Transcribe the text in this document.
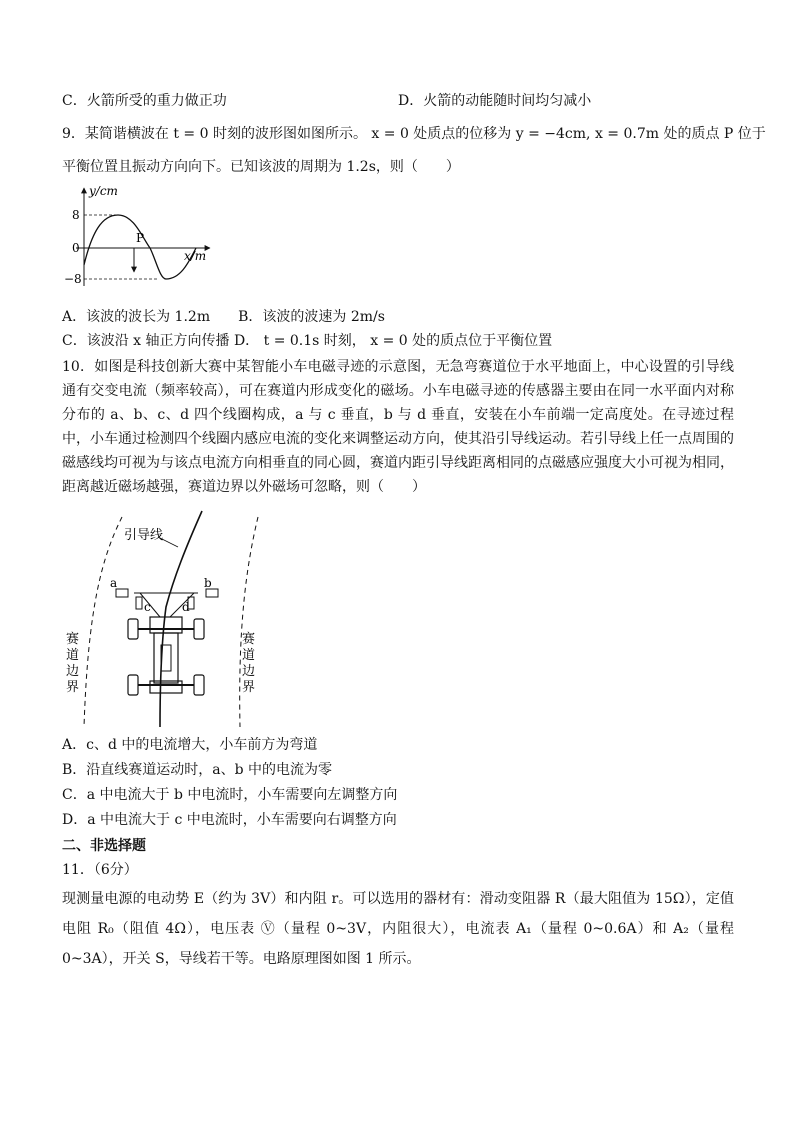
C．火箭所受的重力做正功	D．火箭的动能随时间均匀减小
9．某简谐横波在 t = 0 时刻的波形图如图所示。 x = 0 处质点的位移为 y = −4cm, x = 0.7m 处的质点 P 位于
平衡位置且振动方向向下。已知该波的周期为 1.2s，则（　　）
y/cm
x/m
8
0
−8
P
A．该波的波长为 1.2m　　B．该波的波速为 2m/s
C．该波沿 x 轴正方向传播 D． t = 0.1s 时刻， x = 0 处的质点位于平衡位置
10．如图是科技创新大赛中某智能小车电磁寻迹的示意图，无急弯赛道位于水平地面上，中心设置的引导线通有交变电流（频率较高），可在赛道内形成变化的磁场。小车电磁寻迹的传感器主要由在同一水平面内对称分布的 a、b、c、d 四个线圈构成，a 与 c 垂直，b 与 d 垂直，安装在小车前端一定高度处。在寻迹过程中，小车通过检测四个线圈内感应电流的变化来调整运动方向，使其沿引导线运动。若引导线上任一点周围的磁感线均可视为与该点电流方向相垂直的同心圆，赛道内距引导线距离相同的点磁感应强度大小可视为相同，距离越近磁场越强，赛道边界以外磁场可忽略，则（　　）
引导线
a	b
c	d
赛
道
边
界
赛
道
边
界
A．c、d 中的电流增大，小车前方为弯道
B．沿直线赛道运动时，a、b 中的电流为零
C．a 中电流大于 b 中电流时，小车需要向左调整方向
D．a 中电流大于 c 中电流时，小车需要向右调整方向
二、非选择题
11．（6分）
现测量电源的电动势 E（约为 3V）和内阻 r。可以选用的器材有：滑动变阻器 R（最大阻值为 15Ω），定值电阻 R₀（阻值 4Ω），电压表 Ⓥ（量程 0~3V，内阻很大），电流表 A₁（量程 0~0.6A）和 A₂（量程 0~3A），开关 S，导线若干等。电路原理图如图 1 所示。
